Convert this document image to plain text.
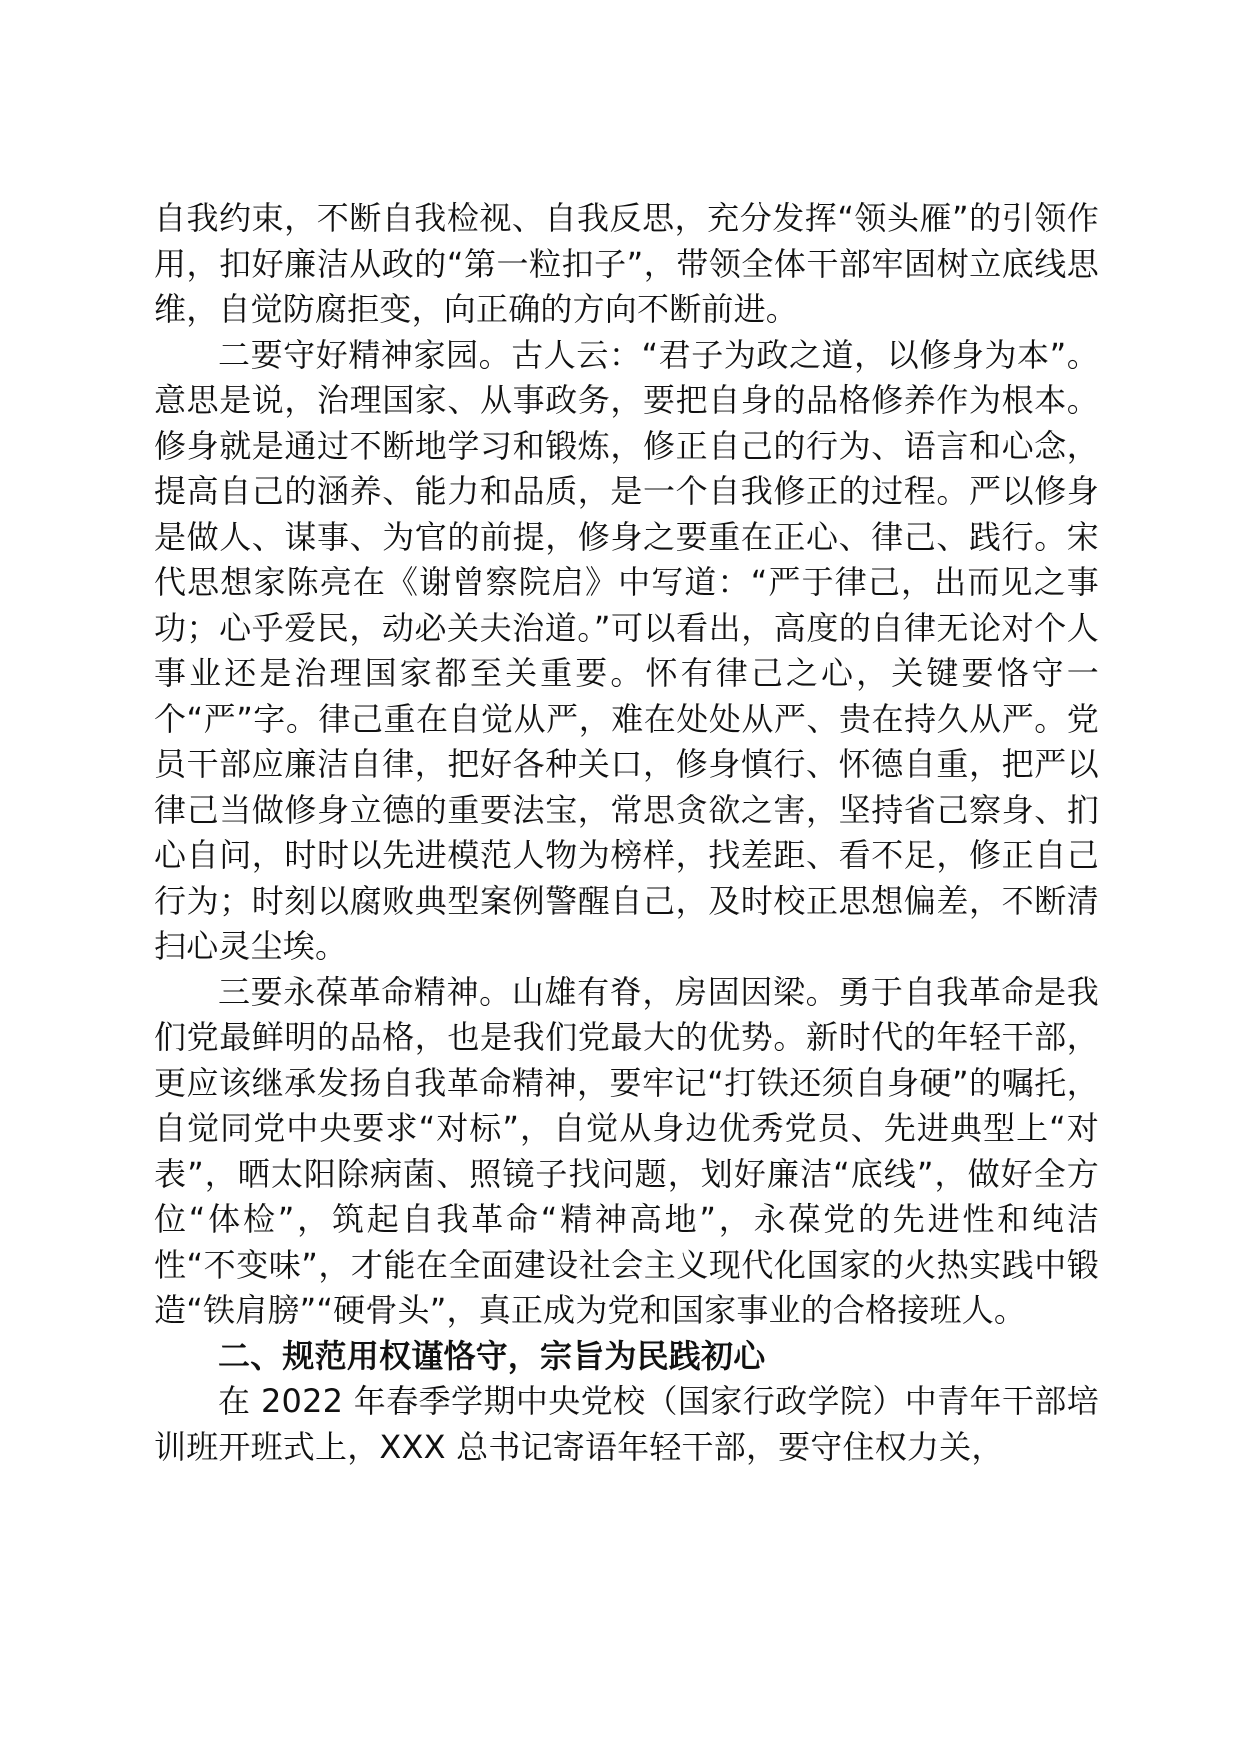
自我约束，不断自我检视、自我反思，充分发挥“领头雁”的引领作用，扣好廉洁从政的“第一粒扣子”，带领全体干部牢固树立底线思维，自觉防腐拒变，向正确的方向不断前进。

二要守好精神家园。古人云：“君子为政之道，以修身为本”。意思是说，治理国家、从事政务，要把自身的品格修养作为根本。修身就是通过不断地学习和锻炼，修正自己的行为、语言和心念，提高自己的涵养、能力和品质，是一个自我修正的过程。严以修身是做人、谋事、为官的前提，修身之要重在正心、律己、践行。宋代思想家陈亮在《谢曾察院启》中写道：“严于律己，出而见之事功；心乎爱民，动必关夫治道。”可以看出，高度的自律无论对个人事业还是治理国家都至关重要。怀有律己之心，关键要恪守一个“严”字。律己重在自觉从严，难在处处从严、贵在持久从严。党员干部应廉洁自律，把好各种关口，修身慎行、怀德自重，把严以律己当做修身立德的重要法宝，常思贪欲之害，坚持省己察身、扪心自问，时时以先进模范人物为榜样，找差距、看不足，修正自己行为；时刻以腐败典型案例警醒自己，及时校正思想偏差，不断清扫心灵尘埃。

三要永葆革命精神。山雄有脊，房固因梁。勇于自我革命是我们党最鲜明的品格，也是我们党最大的优势。新时代的年轻干部，更应该继承发扬自我革命精神，要牢记“打铁还须自身硬”的嘱托，自觉同党中央要求“对标”，自觉从身边优秀党员、先进典型上“对表”，晒太阳除病菌、照镜子找问题，划好廉洁“底线”，做好全方位“体检”，筑起自我革命“精神高地”，永葆党的先进性和纯洁性“不变味”，才能在全面建设社会主义现代化国家的火热实践中锻造“铁肩膀”“硬骨头”，真正成为党和国家事业的合格接班人。

二、规范用权谨恪守，宗旨为民践初心

在 2022 年春季学期中央党校（国家行政学院）中青年干部培训班开班式上，XXX 总书记寄语年轻干部，要守住权力关，
